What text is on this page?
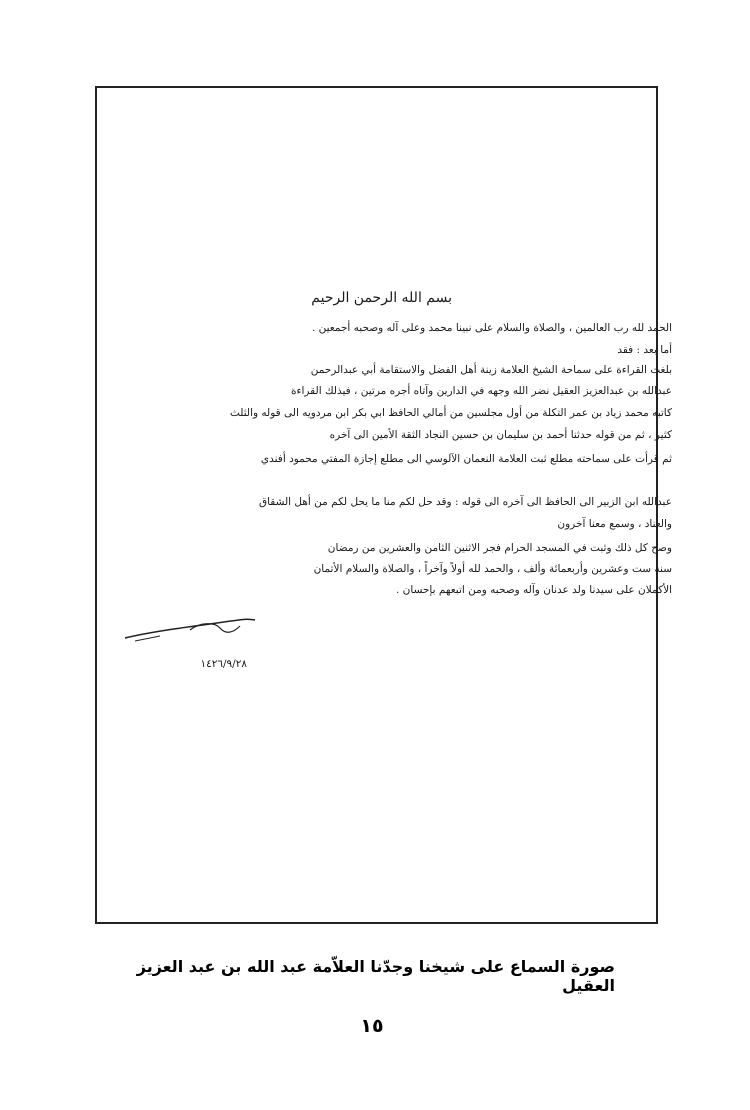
بسم الله الرحمن الرحيم
الحمد لله رب العالمين ، والصلاة والسلام على نبينا محمد وعلى آله وصحبه أجمعين .
أما بعد : فقد
بلغت القراءة على سماحة الشيخ العلامة زينة أهل الفضل والاستقامة أبي عبدالرحمن
عبدالله بن عبدالعزيز العقيل نضر الله وجهه في الدارين وآتاه أجره مرتين ، فيذلك القراءة
كاتبه محمد زياد بن عمر التكلة من أول مجلسين من أمالي الحافظ ابي بكر ابن مردويه الى قوله والثلث
كثير ، ثم من قوله حدثنا أحمد بن سليمان بن حسين النجاد الثقة الأمين الى آخره
ثم قرأت على سماحته مطلع ثبت العلامة النعمان الآلوسي الى مطلع إجازة المفتي محمود أفندي
عبدالله ابن الزبير الى الحافظ الى آخره الى قوله : وقد حل لكم منا ما يحل لكم من أهل الشقاق
والعناد ، وسمع معنا آخرون
وصح كل ذلك وثبت في المسجد الحرام فجر الاثنين الثامن والعشرين من رمضان
سنة ست وعشرين وأربعمائة وألف ، والحمد لله أولاً وآخراً ، والصلاة والسلام الأتمان
الأكملان على سيدنا ولد عدنان وآله وصحبه ومن اتبعهم بإحسان .
١٤٢٦/٩/٢٨
صورة السماع على شيخنا وجدّنا العلاّمة عبد الله بن عبد العزيز العقيل
١٥
